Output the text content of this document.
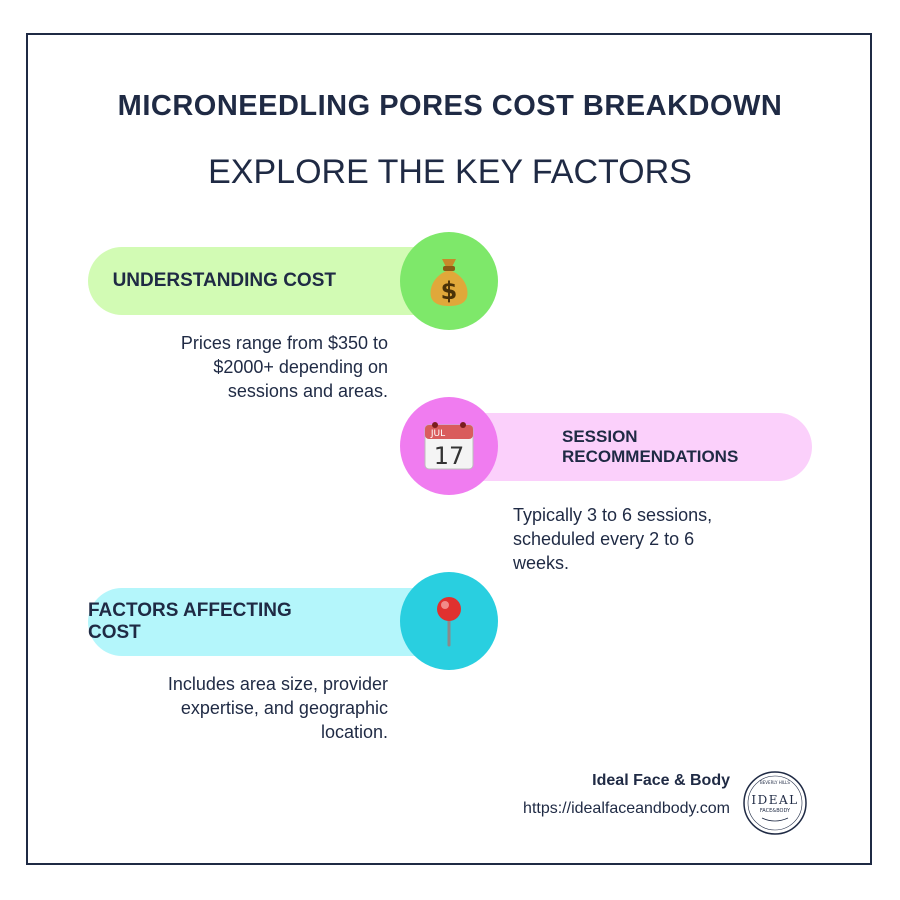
MICRONEEDLING PORES COST BREAKDOWN
EXPLORE THE KEY FACTORS
UNDERSTANDING COST	$
Prices range from $350 to
$2000+ depending on
sessions and areas.
SESSION RECOMMENDATIONS
JUL
17
Typically 3 to 6 sessions,
scheduled every 2 to 6
weeks.
FACTORS AFFECTING COST
Includes area size, provider
expertise, and geographic
location.
Ideal Face & Body
https://idealfaceandbody.com
BEVERLY HILLS
IDEAL
FACE&BODY
